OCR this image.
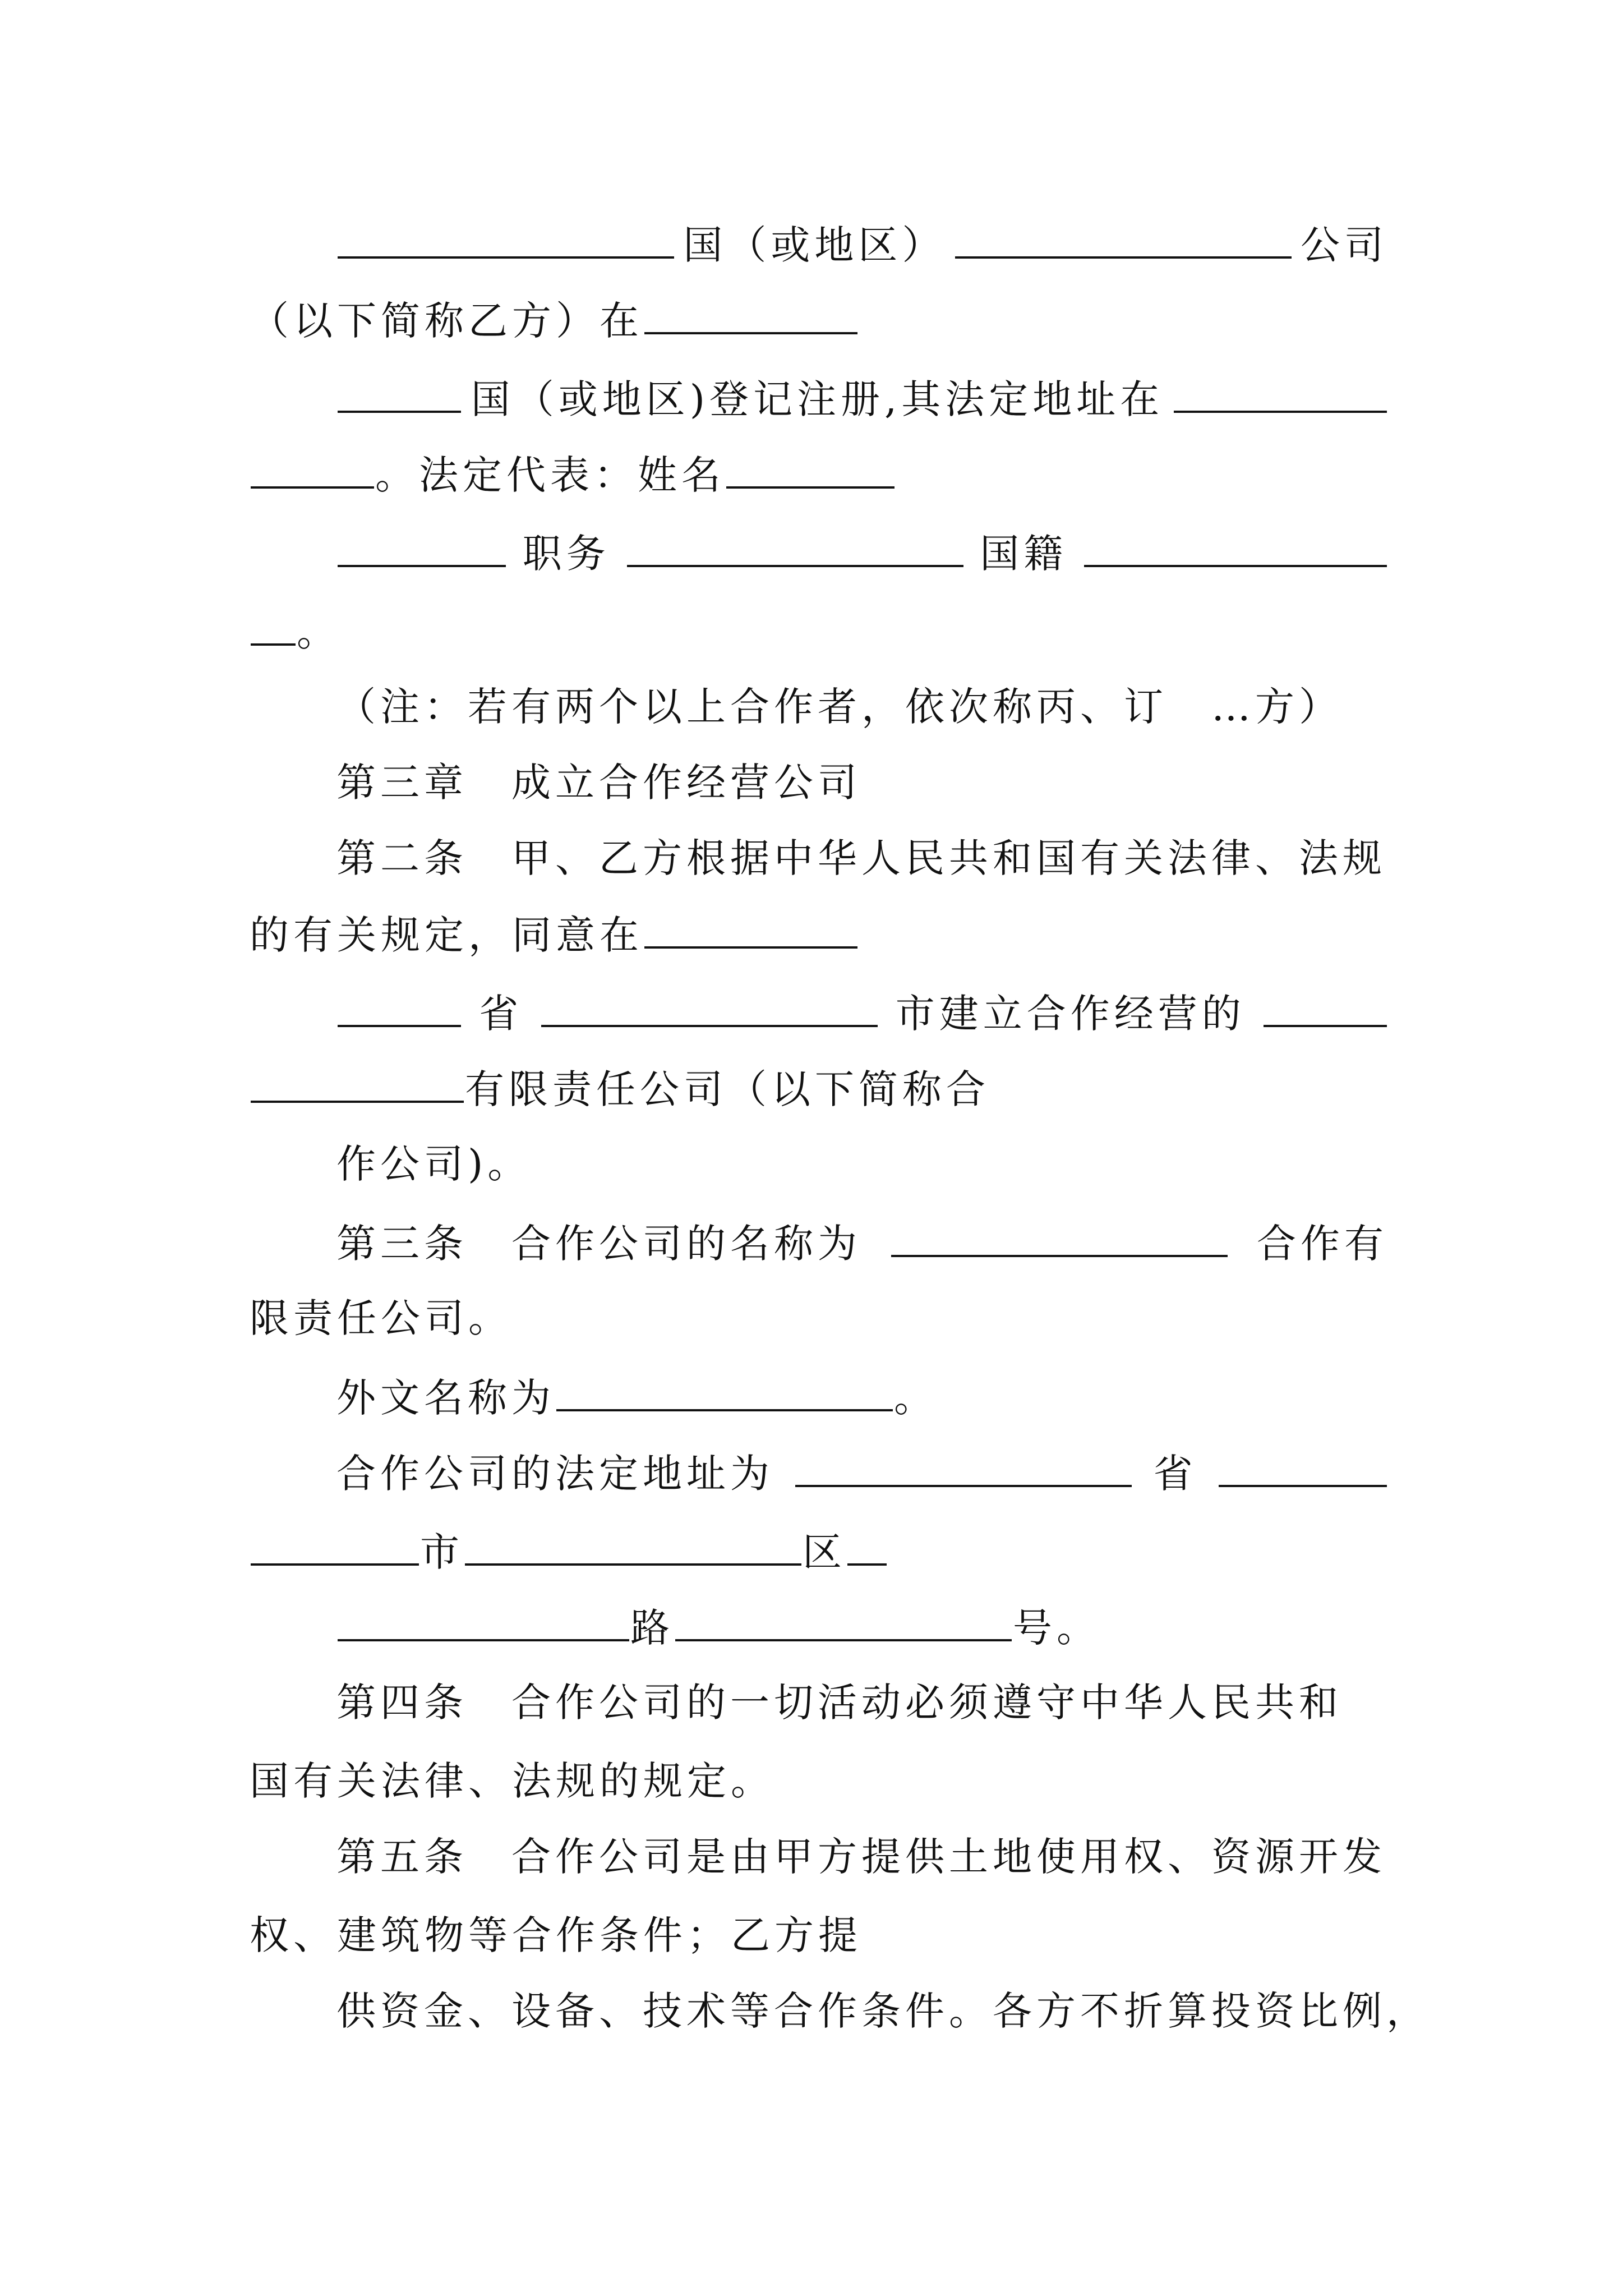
国（或地区）	公司
（以下简称乙方）在
国（或地区)登记注册,其法定地址在
。法定代表：姓名
职务	国籍
。
（注：若有两个以上合作者，依次称丙、订　…方）
第三章　成立合作经营公司
第二条　甲、乙方根据中华人民共和国有关法律、法规
的有关规定，同意在
省	市建立合作经营的
有限责任公司（以下简称合
作公司)。
第三条　合作公司的名称为	合作有
限责任公司。
外文名称为	。
合作公司的法定地址为	省
市	区
路	号。
第四条　合作公司的一切活动必须遵守中华人民共和
国有关法律、法规的规定。
第五条　合作公司是由甲方提供土地使用权、资源开发
权、建筑物等合作条件；乙方提
供资金、设备、技术等合作条件。各方不折算投资比例，
